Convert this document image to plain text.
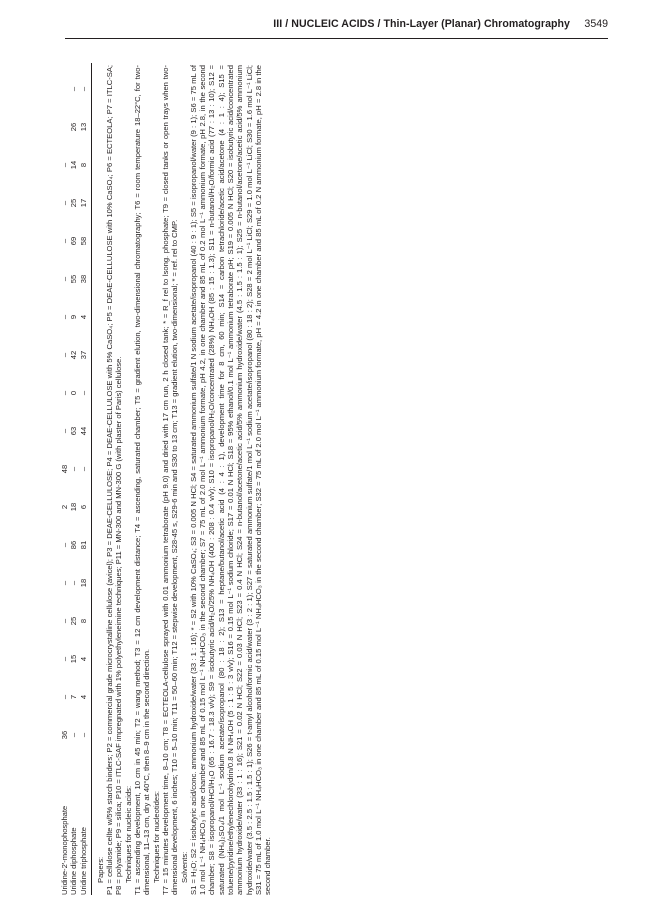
III / NUCLEIC ACIDS / Thin-Layer (Planar) Chromatography 3549
Uridine-2′-monophosphate
36
–
–
–
–
–
2
48
–
–
–
–
–
–
–
–
Uridine diphosphate
–
7
15
25
–
86
18
–
63
0
42
9
55
69
25
14
26
–
Uridine triphosphate
–
4
4
8
18
81
6
–
44
–
37
4
38
58
17
8
13
–

Papers: P1 = cellulose cellte w/5% starch binders; P2 = commercial grade microcrystalline cellulose (avicel); P3 = DEAE-CELLULOSE; P4 = DEAE-CELLULOSE with 5% CaSO₄; P5 = DEAE-CELLULOSE with 10% CaSO₄; P6 = ECTEOLA; P7 = ITLC-SA; P8 = polyamide; P9 = silica; P10 = ITLC-SAF impregnated with 1% polyethyleneimine techniques; P11 = MN-300 and MN-300 G (with plaster of Paris) cellulose. Techniques for nucleic acids: T1 = ascending development, 10 cm in 45 min; T2 = wang method; T3 = 12 cm development distance; T4 = ascending, saturated chamber; T5 = gradient elution, two-dimensional chromatography; T6 = room temperature 18–22°C, for two-dimensional, 11–13 cm, dry at 40°C, then 8–9 cm in the second direction. Techniques for nucleotides: T7 = 15 minutes development time, 8–10 cm; T8 = ECTEOLA-cellulose sprayed with 0.01 ammonium tetraborate (pH 9.0) and dried with 17 cm run, 2 h closed tank; * = R_f rel to lsong. phosphate; T9 = closed tanks or open trays when two-dimensional development, 6 inches; T10 = 5–10 min; T11 = 50–60 min; T12 = stepwise development, S28-45 s, S29-6 min and S30 to 13 cm; T13 = gradient elution, two-dimensional; * = ref. rel to CMP. Solvents: S1 = H₂O; S2 = isobutyric acid/conc. ammonium hydroxide/water (33 : 1 : 16); * = S2 with 10% CaSO₄; S3 = 0.005 N HCl; S4 = saturated ammonium sulfate/1 N sodium acetate/isopropanol (40 : 9 : 1); S5 = isopropanol/water (9 : 1); S6 = 75 mL of 1.0 mol L⁻¹ NH₄HCO₃ in one chamber and 85 mL of 0.15 mol L⁻¹ NH₄HCO₃ in the second chamber; S7 = 75 mL of 2.0 mol L⁻¹ ammonium formate, pH 4.2, in one chamber and 85 mL of 0.2 mol L⁻¹ ammonium formate, pH 2.8, in the second chamber; S8 = isopropanol/HCl/H₂O (65 : 16.7 : 18.3 v/v); S9 = isobutyric acid/H₂O/25% NH₄OH (400 : 208 : 0.4 v/v); S10 = isopropanol/H₂O/concentrated (28%) NH₄OH (85 : 15 : 1.3); S11 = n-butanol/H₂O/formic acid (77 : 13 : 10); S12 = saturated (NH₄)₂SO₄/1 mol L⁻¹ sodium acetate/isopropanol (80 : 18 : 2); S13 = heptane/butanol/acetic acid (4 : 4 : 1), development time for 8 cm, 60 min; S14 = carbon tetrachloride/acetic acid/acetone (4 : 1 : 4); S15 = toluene/pyridine/ethylenechlorohydrin/0.8 N NH₄OH (5 : 1 : 5 : 3 v/v); S16 = 0.15 mol L⁻¹ sodium chloride; S17 = 0.01 N HCl; S18 = 95% ethanol/0.1 mol L⁻¹ ammonium tetraborate pH; S19 = 0.005 N HCl; S20 = isobutyric acid/concentrated ammonium hydroxide/water (33 : 1 : 16); S21 = 0.02 N HCl; S22 = 0.03 N HCl; S23 = 0.4 N HCl; S24 = n-butanol/acetone/acetic acid/5% ammonium hydroxide/water (4.5 : 1.5 : 1.5 : 1); S25 = n-butanol/acetone/acetic acid/5% ammonium hydroxide/water (3.5 : 2.5 : 1.5 : 1.5 : 1); S26 = t-amyl alcohol/formic acid/water (3 : 2 : 1); S27 = saturated ammonium sulfate/1 mol L⁻¹ sodium acetate/isopropanol (80 : 18 : 2); S28 = 2 mol L⁻¹ LiCl; S29 = 1.0 mol L⁻¹ LiCl; S30 = 1.6 mol L⁻¹ LiCl; S31 = 75 mL of 1.0 mol L⁻¹ NH₄HCO₃ in one chamber and 85 mL of 0.15 mol L⁻¹ NH₄HCO₃ in the second chamber; S32 = 75 mL of 2.0 mol L⁻¹ ammonium formate, pH = 4.2 in one chamber and 85 mL of 0.2 N ammonium formate, pH = 2.8 in the second chamber.
